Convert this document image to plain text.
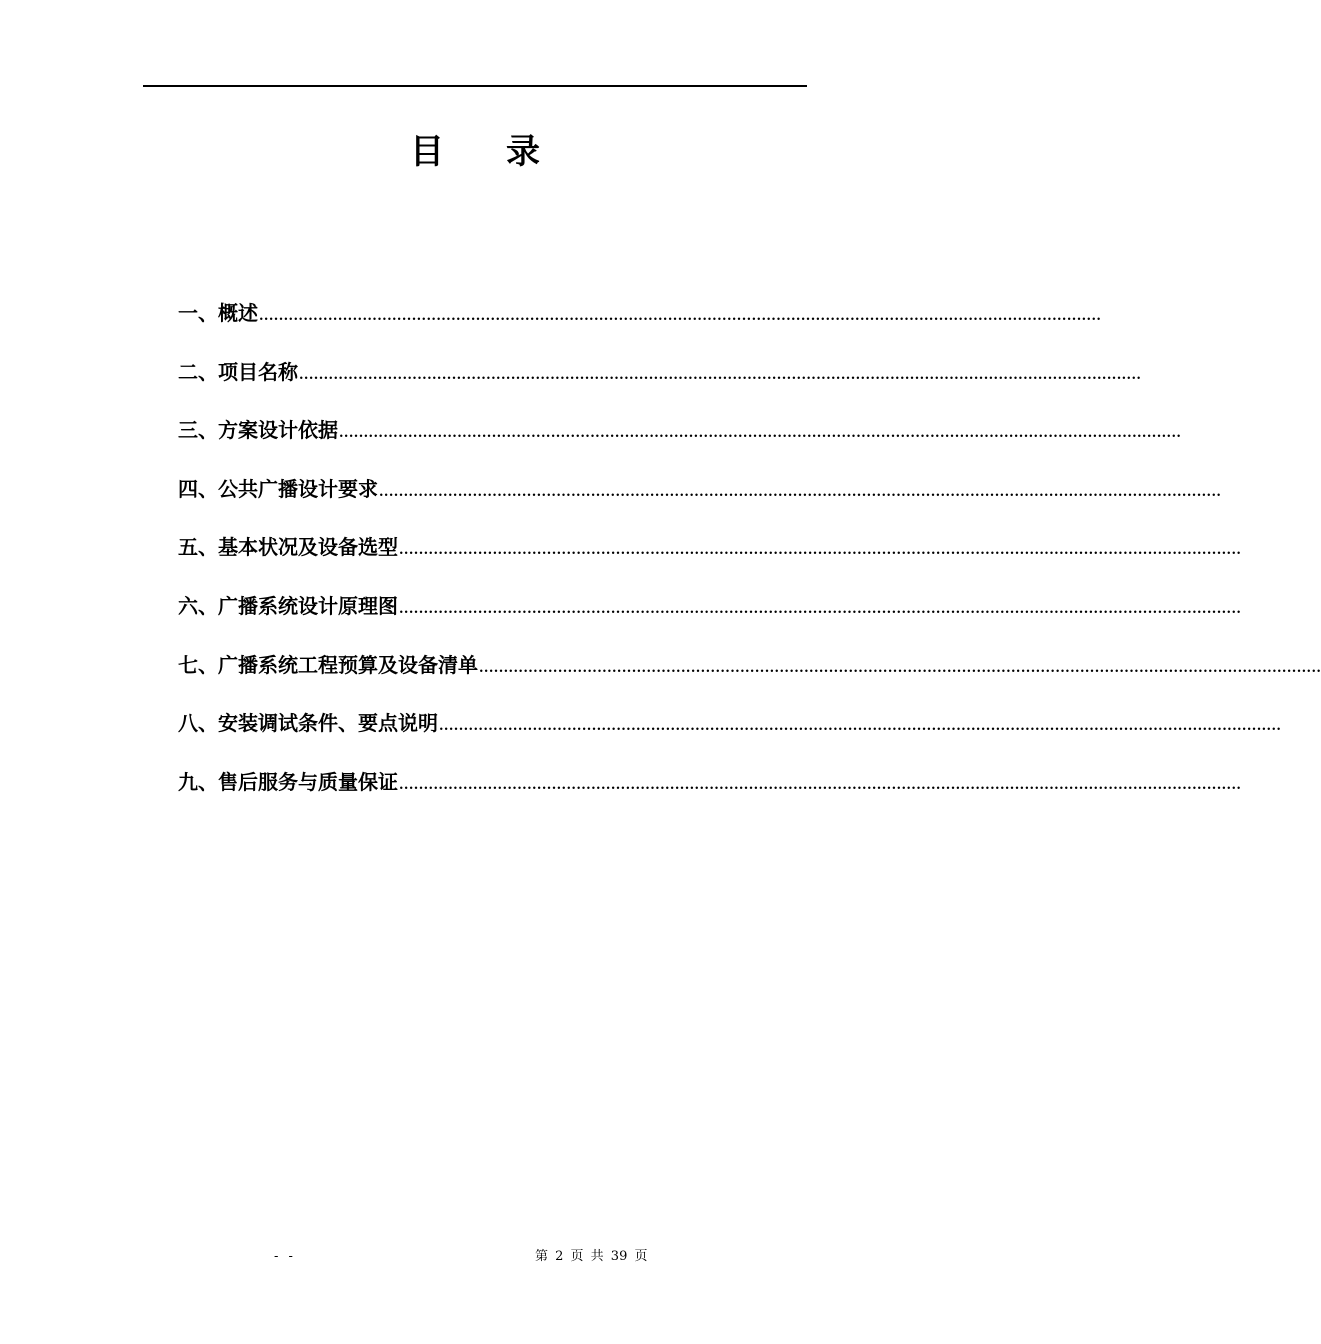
目 录
一、概述 ...........................................................................................................................................................................
二、项目名称 ...........................................................................................................................................................................
三、方案设计依据 ...........................................................................................................................................................................
四、公共广播设计要求 ...........................................................................................................................................................................
五、基本状况及设备选型 ...........................................................................................................................................................................
六、广播系统设计原理图 ...........................................................................................................................................................................
七、广播系统工程预算及设备清单 ...........................................................................................................................................................................
八、安装调试条件、要点说明 ...........................................................................................................................................................................
九、售后服务与质量保证 ...........................................................................................................................................................................
- -	第 2 页 共 39 页
